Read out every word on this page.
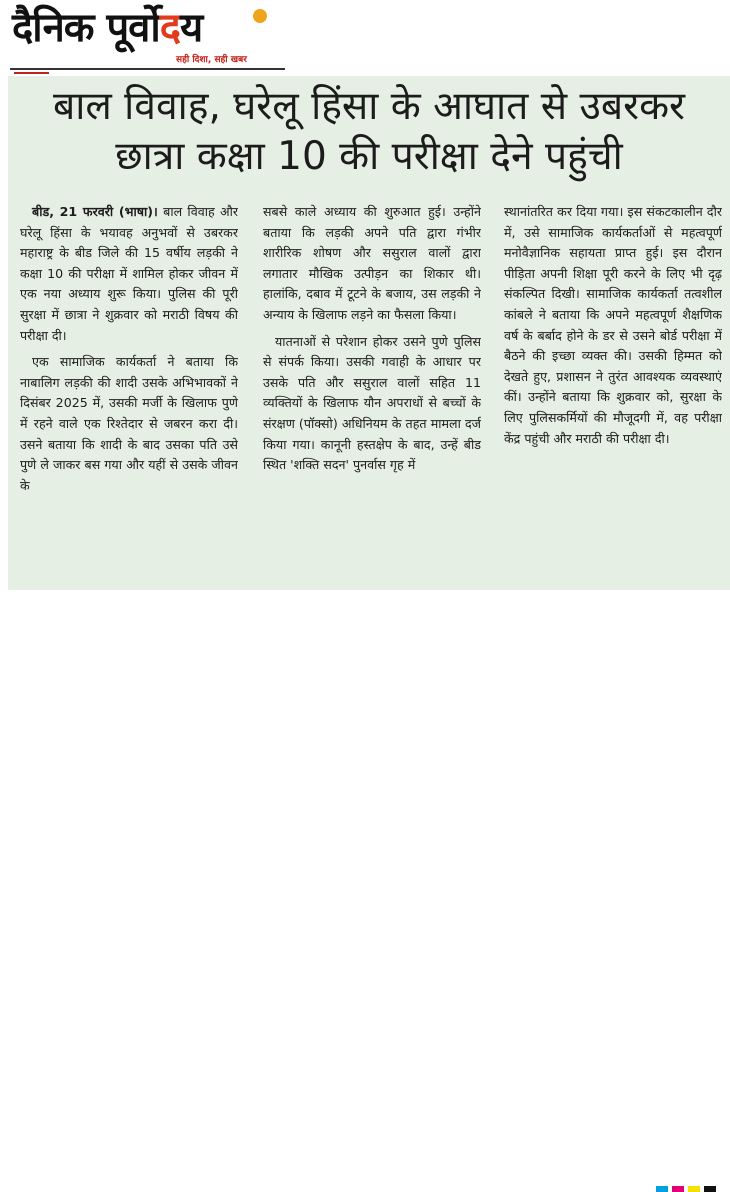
दैनिक पूर्वोदय
सही दिशा, सही खबर
बाल विवाह, घरेलू हिंसा के आघात से उबरकर
छात्रा कक्षा 10 की परीक्षा देने पहुंची

बीड, 21 फरवरी (भाषा)। बाल विवाह और घरेलू हिंसा के भयावह अनुभवों से उबरकर महाराष्ट्र के बीड जिले की 15 वर्षीय लड़की ने कक्षा 10 की परीक्षा में शामिल होकर जीवन में एक नया अध्याय शुरू किया। पुलिस की पूरी सुरक्षा में छात्रा ने शुक्रवार को मराठी विषय की परीक्षा दी।

एक सामाजिक कार्यकर्ता ने बताया कि नाबालिग लड़की की शादी उसके अभिभावकों ने दिसंबर 2025 में, उसकी मर्जी के खिलाफ पुणे में रहने वाले एक रिश्तेदार से जबरन करा दी। उसने बताया कि शादी के बाद उसका पति उसे पुणे ले जाकर बस गया और यहीं से उसके जीवन के

सबसे काले अध्याय की शुरुआत हुई। उन्होंने बताया कि लड़की अपने पति द्वारा गंभीर शारीरिक शोषण और ससुराल वालों द्वारा लगातार मौखिक उत्पीड़न का शिकार थी। हालांकि, दबाव में टूटने के बजाय, उस लड़की ने अन्याय के खिलाफ लड़ने का फैसला किया।

यातनाओं से परेशान होकर उसने पुणे पुलिस से संपर्क किया। उसकी गवाही के आधार पर उसके पति और ससुराल वालों सहित 11 व्यक्तियों के खिलाफ यौन अपराधों से बच्चों के संरक्षण (पॉक्सो) अधिनियम के तहत मामला दर्ज किया गया। कानूनी हस्तक्षेप के बाद, उन्हें बीड स्थित 'शक्ति सदन' पुनर्वास गृह में

स्थानांतरित कर दिया गया। इस संकटकालीन दौर में, उसे सामाजिक कार्यकर्ताओं से महत्वपूर्ण मनोवैज्ञानिक सहायता प्राप्त हुई। इस दौरान पीड़िता अपनी शिक्षा पूरी करने के लिए भी दृढ़ संकल्पित दिखी। सामाजिक कार्यकर्ता तत्वशील कांबले ने बताया कि अपने महत्वपूर्ण शैक्षणिक वर्ष के बर्बाद होने के डर से उसने बोर्ड परीक्षा में बैठने की इच्छा व्यक्त की। उसकी हिम्मत को देखते हुए, प्रशासन ने तुरंत आवश्यक व्यवस्थाएं कीं। उन्होंने बताया कि शुक्रवार को, सुरक्षा के लिए पुलिसकर्मियों की मौजूदगी में, वह परीक्षा केंद्र पहुंची और मराठी की परीक्षा दी।
